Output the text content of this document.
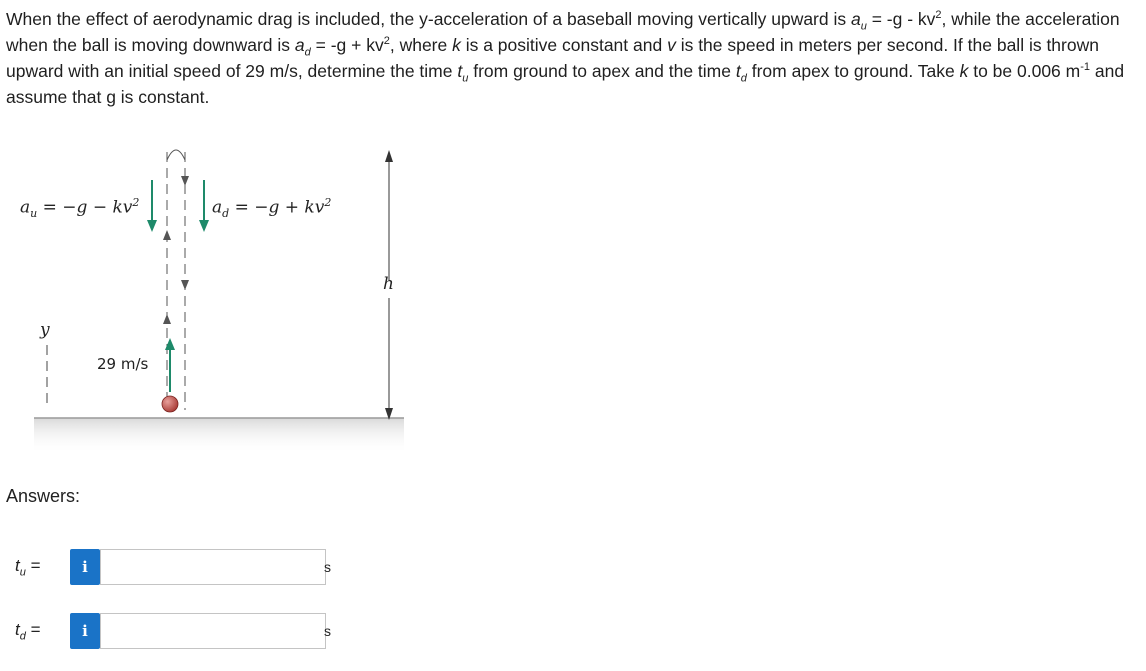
When the effect of aerodynamic drag is included, the y-acceleration of a baseball moving vertically upward is $a_u = -g - kv^2$, while the acceleration when the ball is moving downward is $a_d = -g + kv^2$, where k is a positive constant and v is the speed in meters per second. If the ball is thrown upward with an initial speed of 29 m/s, determine the time $t_u$ from ground to apex and the time $t_d$ from apex to ground. Take k to be 0.006 $m^{-1}$ and assume that g is constant.
$a_u = -g - kv^2$	$a_d = -g + kv^2$
y
h
29 m/s
Answers:
$t_u$ =	i	s
$t_d$ =	i	s
